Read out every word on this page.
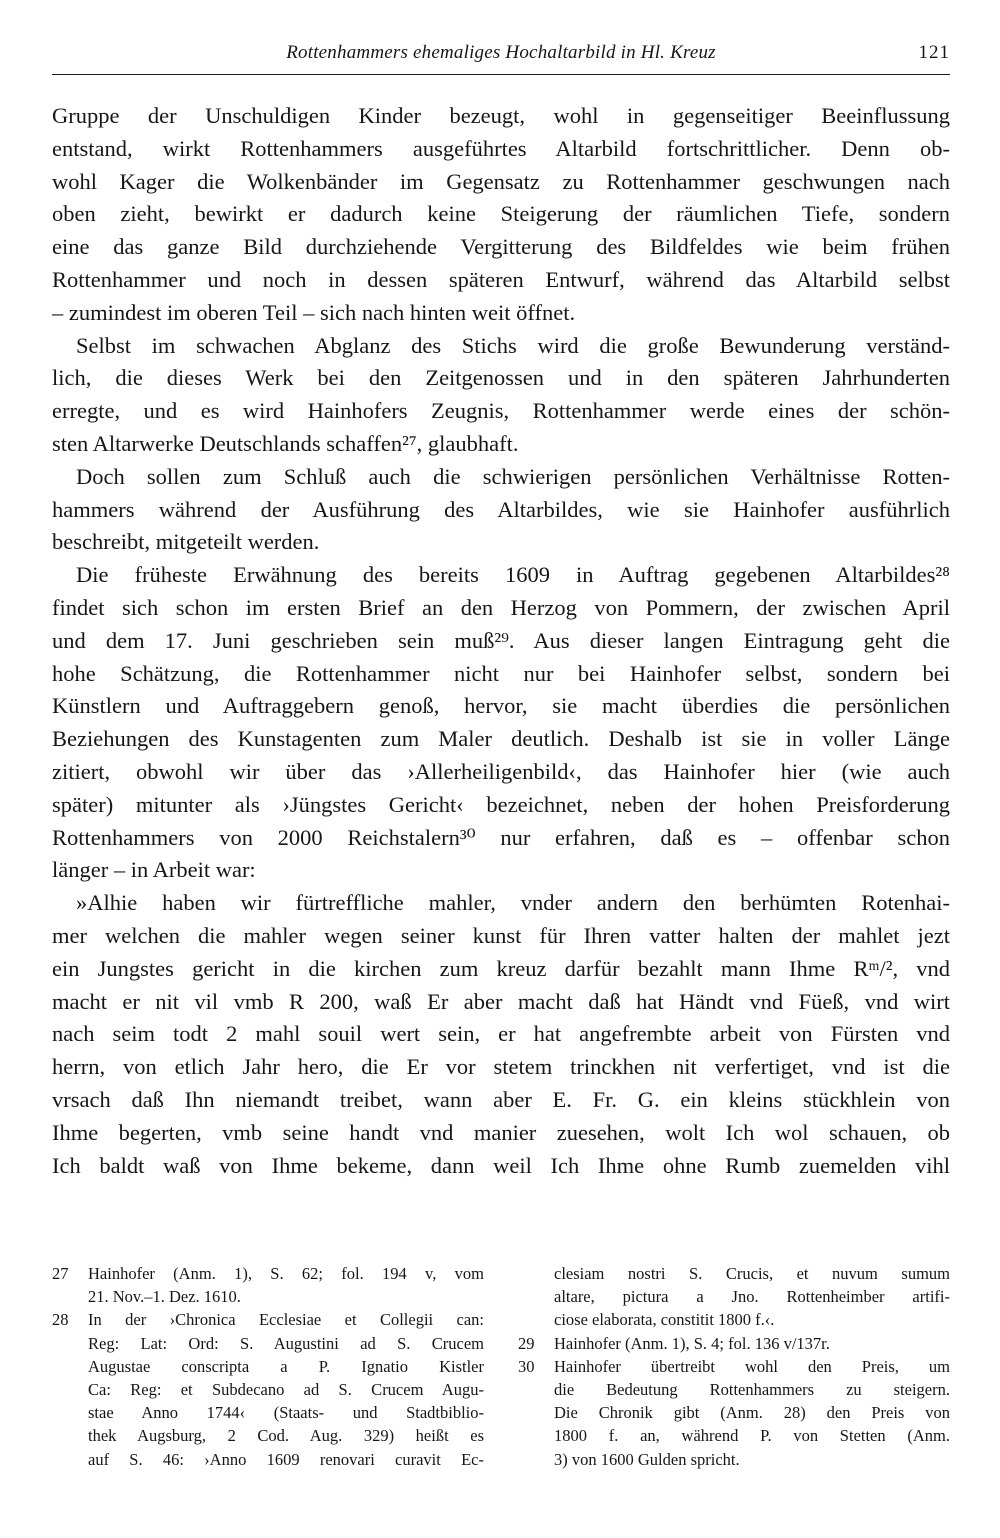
Rottenhammers ehemaliges Hochaltarbild in Hl. Kreuz	121
Gruppe der Unschuldigen Kinder bezeugt, wohl in gegenseitiger Beeinflussung
entstand, wirkt Rottenhammers ausgeführtes Altarbild fortschrittlicher. Denn ob-
wohl Kager die Wolkenbänder im Gegensatz zu Rottenhammer geschwungen nach
oben zieht, bewirkt er dadurch keine Steigerung der räumlichen Tiefe, sondern
eine das ganze Bild durchziehende Vergitterung des Bildfeldes wie beim frühen
Rottenhammer und noch in dessen späteren Entwurf, während das Altarbild selbst
– zumindest im oberen Teil – sich nach hinten weit öffnet.
Selbst im schwachen Abglanz des Stichs wird die große Bewunderung verständ-
lich, die dieses Werk bei den Zeitgenossen und in den späteren Jahrhunderten
erregte, und es wird Hainhofers Zeugnis, Rottenhammer werde eines der schön-
sten Altarwerke Deutschlands schaffen²⁷, glaubhaft.
Doch sollen zum Schluß auch die schwierigen persönlichen Verhältnisse Rotten-
hammers während der Ausführung des Altarbildes, wie sie Hainhofer ausführlich
beschreibt, mitgeteilt werden.
Die früheste Erwähnung des bereits 1609 in Auftrag gegebenen Altarbildes²⁸
findet sich schon im ersten Brief an den Herzog von Pommern, der zwischen April
und dem 17. Juni geschrieben sein muß²⁹. Aus dieser langen Eintragung geht die
hohe Schätzung, die Rottenhammer nicht nur bei Hainhofer selbst, sondern bei
Künstlern und Auftraggebern genoß, hervor, sie macht überdies die persönlichen
Beziehungen des Kunstagenten zum Maler deutlich. Deshalb ist sie in voller Länge
zitiert, obwohl wir über das ›Allerheiligenbild‹, das Hainhofer hier (wie auch
später) mitunter als ›Jüngstes Gericht‹ bezeichnet, neben der hohen Preisforderung
Rottenhammers von 2000 Reichstalern³⁰ nur erfahren, daß es – offenbar schon
länger – in Arbeit war:
»Alhie haben wir fürtreffliche mahler, vnder andern den berhümten Rotenhai-
mer welchen die mahler wegen seiner kunst für Ihren vatter halten der mahlet jezt
ein Jungstes gericht in die kirchen zum kreuz darfür bezahlt mann Ihme Rᵐ/², vnd
macht er nit vil vmb R 200, waß Er aber macht daß hat Händt vnd Füeß, vnd wirt
nach seim todt 2 mahl souil wert sein, er hat angefrembte arbeit von Fürsten vnd
herrn, von etlich Jahr hero, die Er vor stetem trinckhen nit verfertiget, vnd ist die
vrsach daß Ihn niemandt treibet, wann aber E. Fr. G. ein kleins stückhlein von
Ihme begerten, vmb seine handt vnd manier zuesehen, wolt Ich wol schauen, ob
Ich baldt waß von Ihme bekeme, dann weil Ich Ihme ohne Rumb zuemelden vihl
27 Hainhofer (Anm. 1), S. 62; fol. 194 v, vom
21. Nov.–1. Dez. 1610.
28 In der ›Chronica Ecclesiae et Collegii can:
Reg: Lat: Ord: S. Augustini ad S. Crucem
Augustae conscripta a P. Ignatio Kistler
Ca: Reg: et Subdecano ad S. Crucem Augu-
stae Anno 1744‹ (Staats- und Stadtbiblio-
thek Augsburg, 2 Cod. Aug. 329) heißt es
auf S. 46: ›Anno 1609 renovari curavit Ec-
clesiam nostri S. Crucis, et nuvum sumum
altare, pictura a Jno. Rottenheimber artifi-
ciose elaborata, constitit 1800 f.‹.
29 Hainhofer (Anm. 1), S. 4; fol. 136 v/137r.
30 Hainhofer übertreibt wohl den Preis, um
die Bedeutung Rottenhammers zu steigern.
Die Chronik gibt (Anm. 28) den Preis von
1800 f. an, während P. von Stetten (Anm.
3) von 1600 Gulden spricht.
